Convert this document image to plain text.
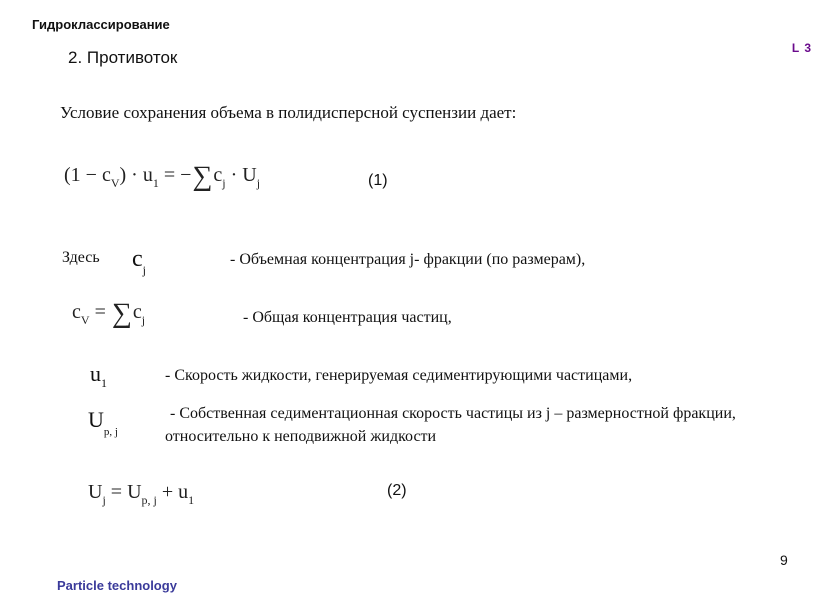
Гидроклассирование
2. Противоток	L 3
Условие сохранения объема в полидисперсной суспензии дает:
$(1 - c_V) \cdot u_1 = -\sum c_j \cdot U_j$	(1)
Здесь $c_j$
- Объемная концентрация j- фракции (по размерам),
$c_V = \sum c_j$	- Общая концентрация частиц,
$u_1$	- Скорость жидкости, генерируемая седиментирующими частицами,
$U_{p, j}$
- Собственная седиментационная скорость частицы из j – размерностной фракции,
относительно к неподвижной жидкости
$U_j = U_{p, j} + u_1$
(2)
9
Particle technology
